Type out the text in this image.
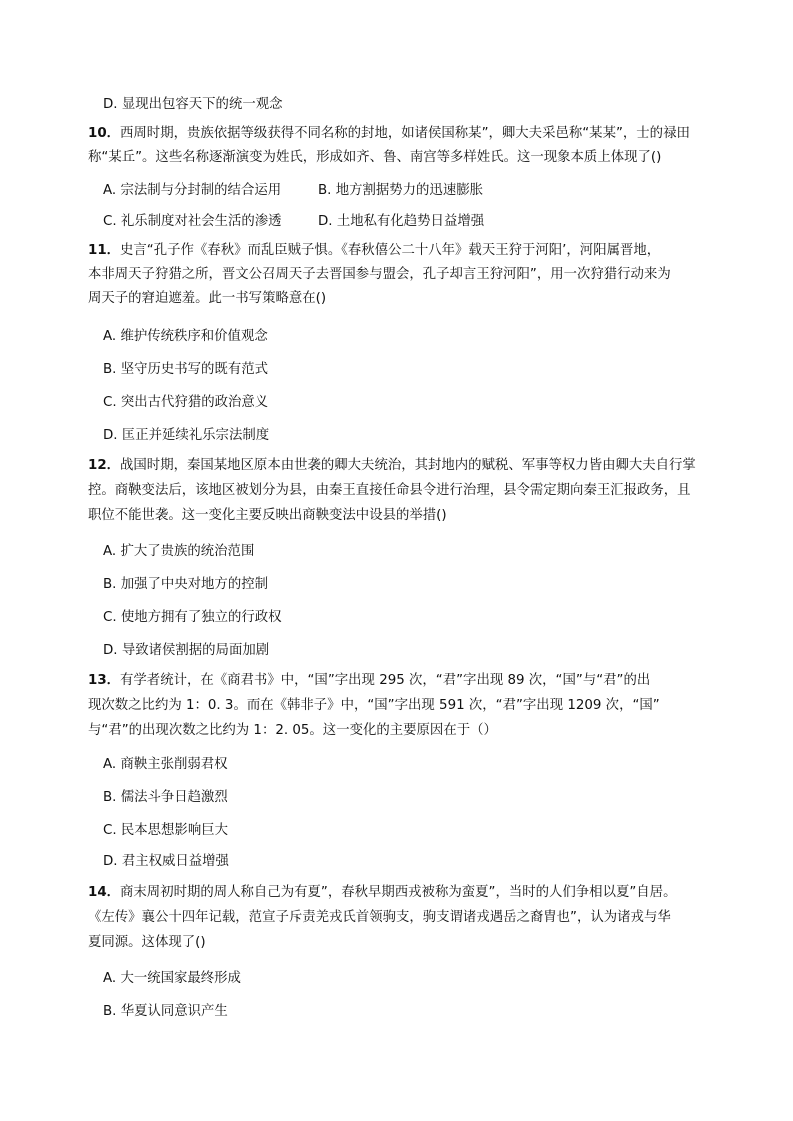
D. 显现出包容天下的统一观念
10．西周时期，贵族依据等级获得不同名称的封地，如诸侯国称某”，卿大夫采邑称“某某”，士的禄田
称“某丘”。这些名称逐渐演变为姓氏，形成如齐、鲁、南宫等多样姓氏。这一现象本质上体现了()
A. 宗法制与分封制的结合运用	B. 地方割据势力的迅速膨胀
C. 礼乐制度对社会生活的渗透	D. 土地私有化趋势日益增强
11．史言“孔子作《春秋》而乱臣贼子惧。《春秋僖公二十八年》载天王狩于河阳’，河阳属晋地，
本非周天子狩猎之所，晋文公召周天子去晋国参与盟会，孔子却言王狩河阳”，用一次狩猎行动来为
周天子的窘迫遮羞。此一书写策略意在()
A. 维护传统秩序和价值观念
B. 坚守历史书写的既有范式
C. 突出古代狩猎的政治意义
D. 匡正并延续礼乐宗法制度
12．战国时期，秦国某地区原本由世袭的卿大夫统治，其封地内的赋税、军事等权力皆由卿大夫自行掌
控。商鞅变法后，该地区被划分为县，由秦王直接任命县令进行治理，县令需定期向秦王汇报政务，且
职位不能世袭。这一变化主要反映出商鞅变法中设县的举措()
A. 扩大了贵族的统治范围
B. 加强了中央对地方的控制
C. 使地方拥有了独立的行政权
D. 导致诸侯割据的局面加剧
13．有学者统计，在《商君书》中，“国”字出现 295 次，“君”字出现 89 次，“国”与“君”的出
现次数之比约为 1：0. 3。而在《韩非子》中，“国”字出现 591 次，“君”字出现 1209 次，“国”
与“君”的出现次数之比约为 1：2. 05。这一变化的主要原因在于（）
A. 商鞅主张削弱君权
B. 儒法斗争日趋激烈
C. 民本思想影响巨大
D. 君主权威日益增强
14．商末周初时期的周人称自己为有夏”，春秋早期西戎被称为蛮夏”，当时的人们争相以夏”自居。
《左传》襄公十四年记载，范宣子斥责羌戎氏首领驹支，驹支谓诸戎遇岳之裔胄也”，认为诸戎与华
夏同源。这体现了()
A. 大一统国家最终形成
B. 华夏认同意识产生
